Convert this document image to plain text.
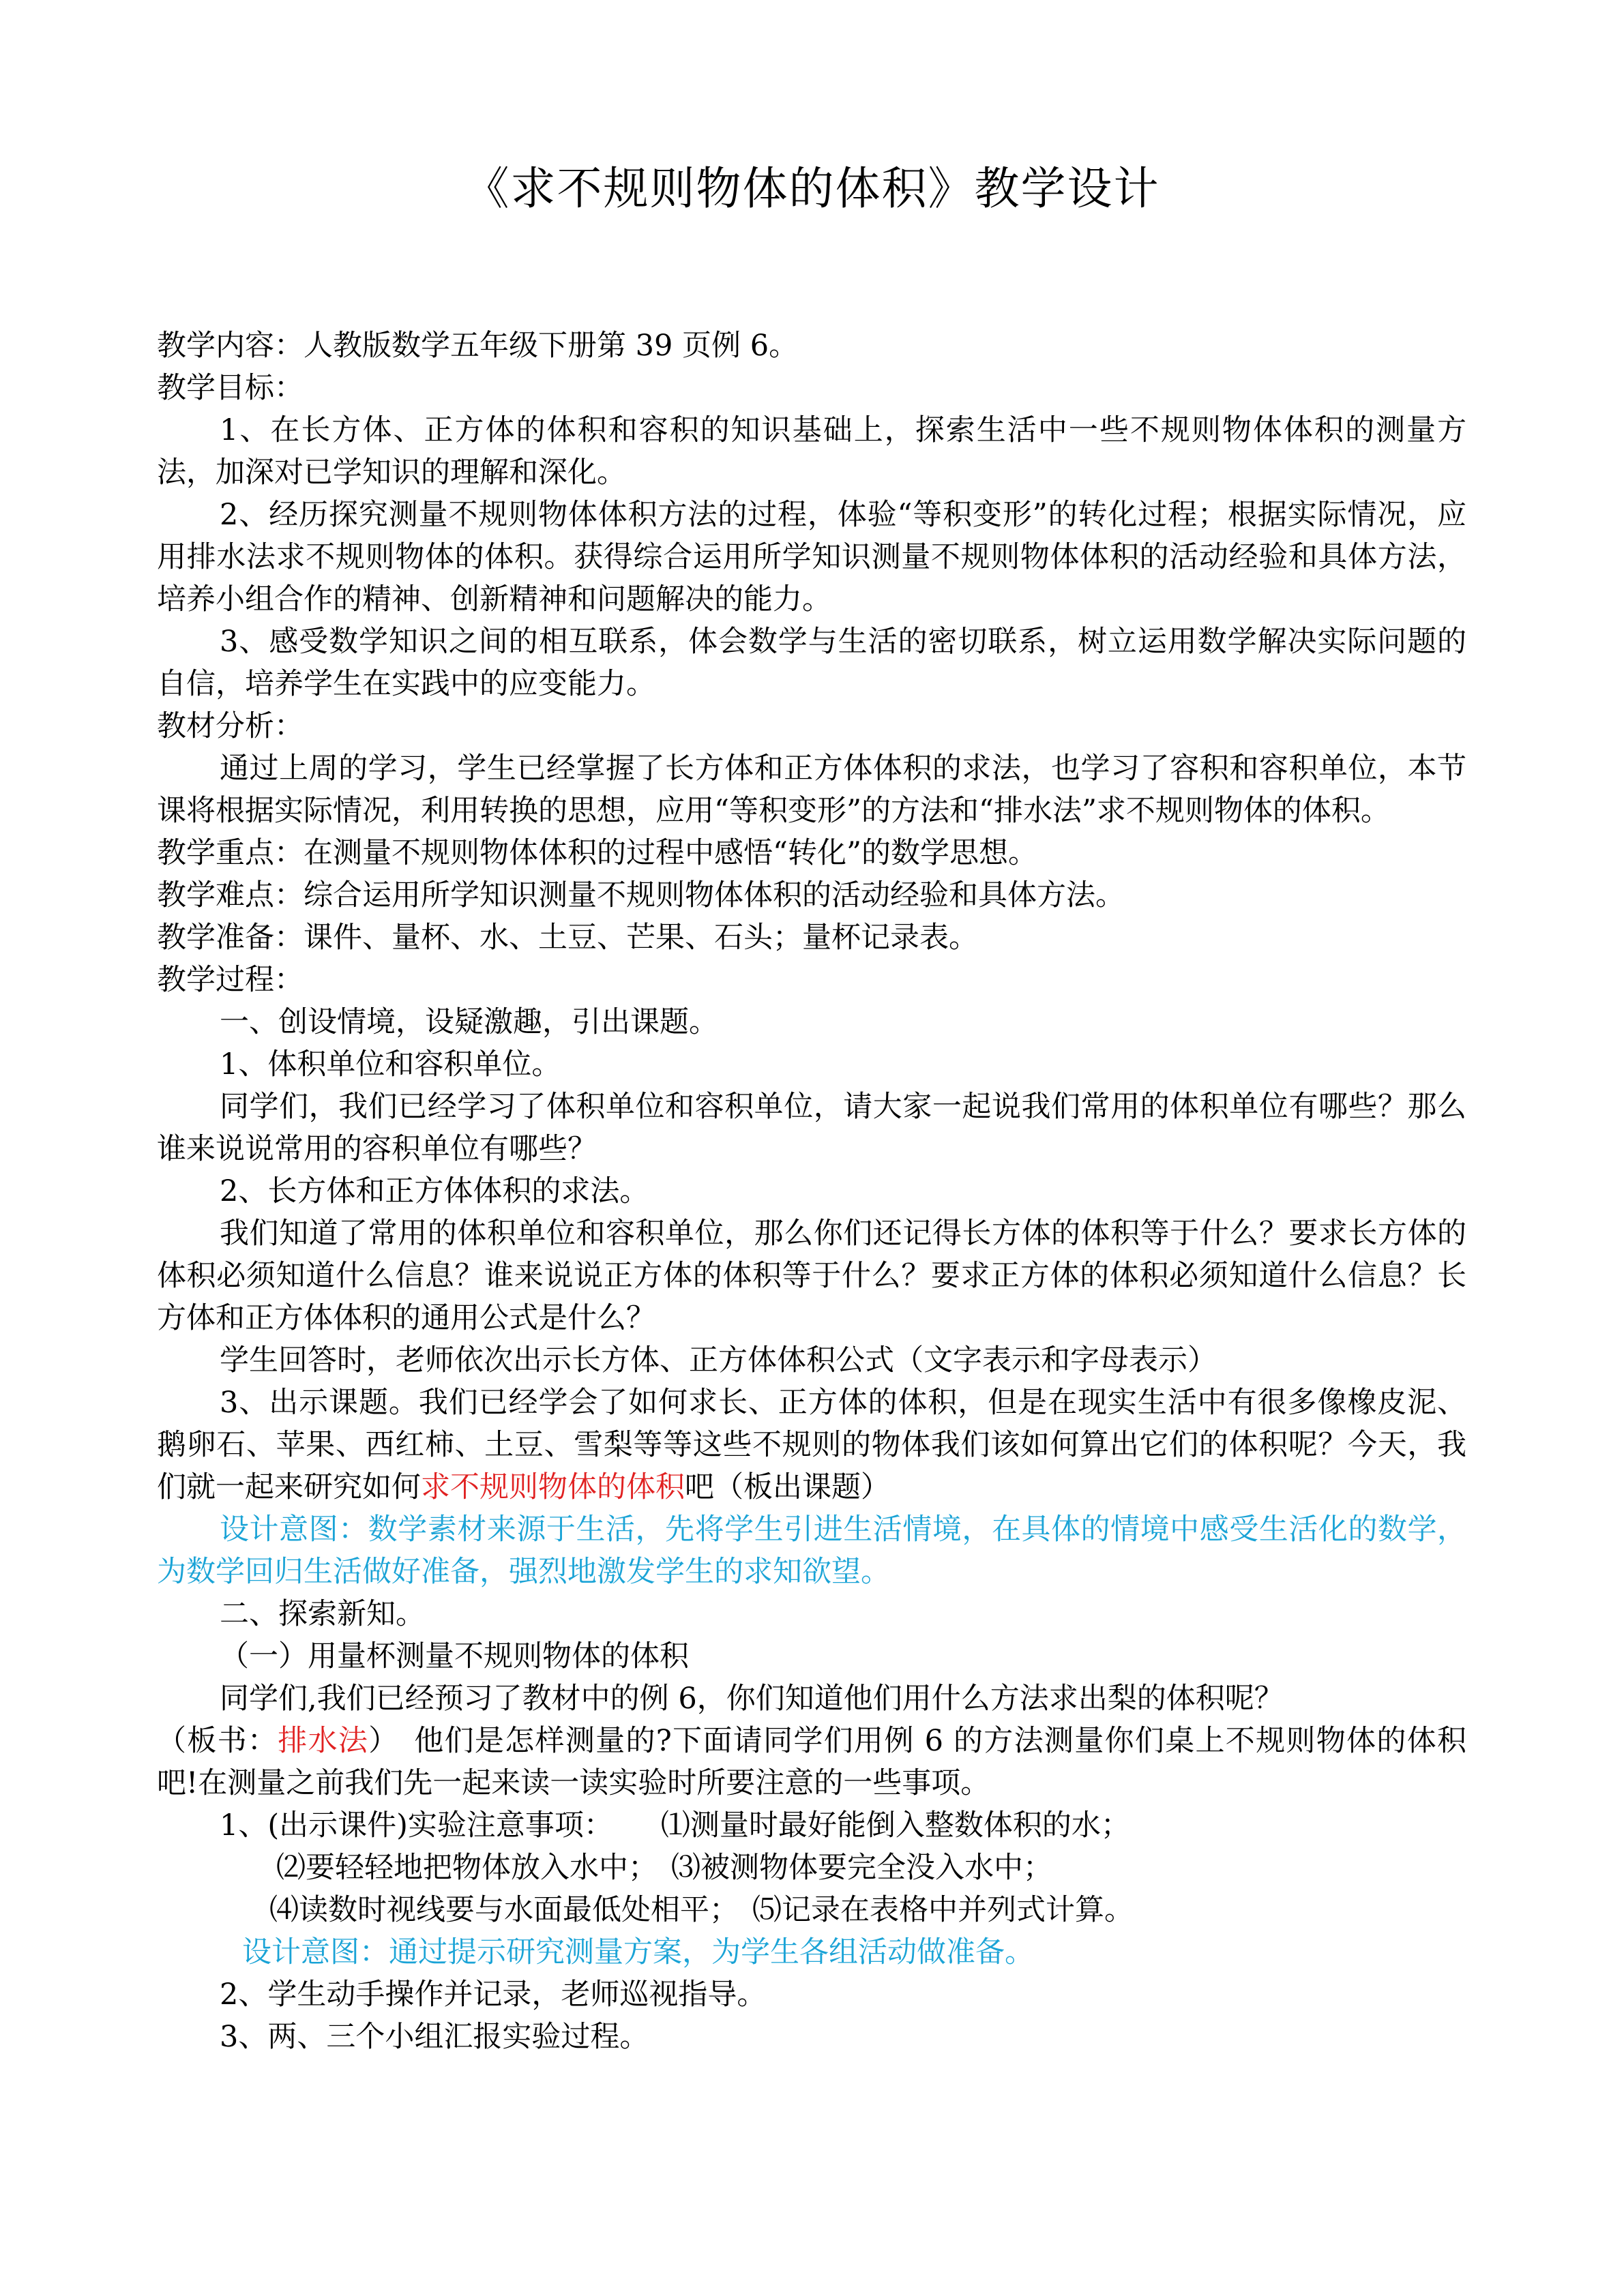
《求不规则物体的体积》教学设计

教学内容：人教版数学五年级下册第 39 页例 6。

教学目标：

1、在长方体、正方体的体积和容积的知识基础上，探索生活中一些不规则物体体积的测量方法，加深对已学知识的理解和深化。

2、经历探究测量不规则物体体积方法的过程，体验“等积变形”的转化过程；根据实际情况，应用排水法求不规则物体的体积。获得综合运用所学知识测量不规则物体体积的活动经验和具体方法，培养小组合作的精神、创新精神和问题解决的能力。

3、感受数学知识之间的相互联系，体会数学与生活的密切联系，树立运用数学解决实际问题的自信，培养学生在实践中的应变能力。

教材分析：

通过上周的学习，学生已经掌握了长方体和正方体体积的求法，也学习了容积和容积单位，本节课将根据实际情况，利用转换的思想，应用“等积变形”的方法和“排水法”求不规则物体的体积。

教学重点：在测量不规则物体体积的过程中感悟“转化”的数学思想。

教学难点：综合运用所学知识测量不规则物体体积的活动经验和具体方法。

教学准备：课件、量杯、水、土豆、芒果、石头；量杯记录表。

教学过程：

一、创设情境，设疑激趣，引出课题。

1、体积单位和容积单位。

同学们，我们已经学习了体积单位和容积单位，请大家一起说我们常用的体积单位有哪些？那么谁来说说常用的容积单位有哪些？

2、长方体和正方体体积的求法。

我们知道了常用的体积单位和容积单位，那么你们还记得长方体的体积等于什么？要求长方体的体积必须知道什么信息？谁来说说正方体的体积等于什么？要求正方体的体积必须知道什么信息？长方体和正方体体积的通用公式是什么？

学生回答时，老师依次出示长方体、正方体体积公式（文字表示和字母表示）

3、出示课题。我们已经学会了如何求长、正方体的体积，但是在现实生活中有很多像橡皮泥、鹅卵石、苹果、西红柿、土豆、雪梨等等这些不规则的物体我们该如何算出它们的体积呢？今天，我们就一起来研究如何求不规则物体的体积吧（板出课题）

设计意图：数学素材来源于生活，先将学生引进生活情境，在具体的情境中感受生活化的数学，为数学回归生活做好准备，强烈地激发学生的求知欲望。

二、探索新知。

（一）用量杯测量不规则物体的体积

同学们,我们已经预习了教材中的例 6，你们知道他们用什么方法求出梨的体积呢？

（板书：排水法）　他们是怎样测量的?下面请同学们用例 6 的方法测量你们桌上不规则物体的体积吧!在测量之前我们先一起来读一读实验时所要注意的一些事项。

1、(出示课件)实验注意事项： ⑴测量时最好能倒入整数体积的水；

⑵要轻轻地把物体放入水中； ⑶被测物体要完全没入水中；

⑷读数时视线要与水面最低处相平； ⑸记录在表格中并列式计算。

设计意图：通过提示研究测量方案，为学生各组活动做准备。

2、学生动手操作并记录，老师巡视指导。

3、两、三个小组汇报实验过程。
